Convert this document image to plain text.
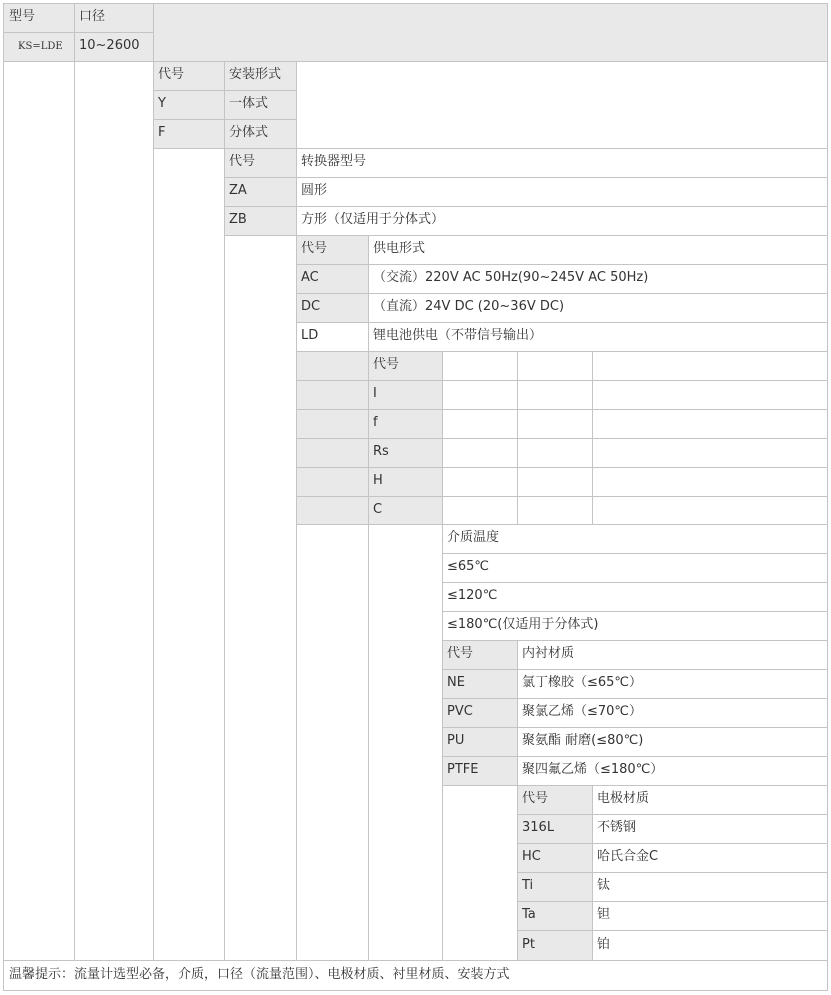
型号	口径
KS=LDE	10~2600
代号	安装形式
Y	一体式
F	分体式
代号	转换器型号
ZA	圆形
ZB	方形（仅适用于分体式）
代号	供电形式
AC	（交流）220V AC 50Hz(90~245V AC 50Hz)
DC	（直流）24V DC (20~36V DC)
LD	锂电池供电（不带信号输出）
代号
I
f
Rs
H
C
介质温度
≤65℃
≤120℃
≤180℃(仅适用于分体式)
代号	内衬材质
NE	氯丁橡胶（≤65℃）
PVC	聚氯乙烯（≤70℃）
PU	聚氨酯 耐磨(≤80℃)
PTFE	聚四氟乙烯（≤180℃）
代号	电极材质
316L	不锈钢
HC	哈氏合金C
Ti	钛
Ta	钽
Pt	铂
温馨提示：流量计选型必备，介质，口径（流量范围）、电极材质、衬里材质、安装方式
